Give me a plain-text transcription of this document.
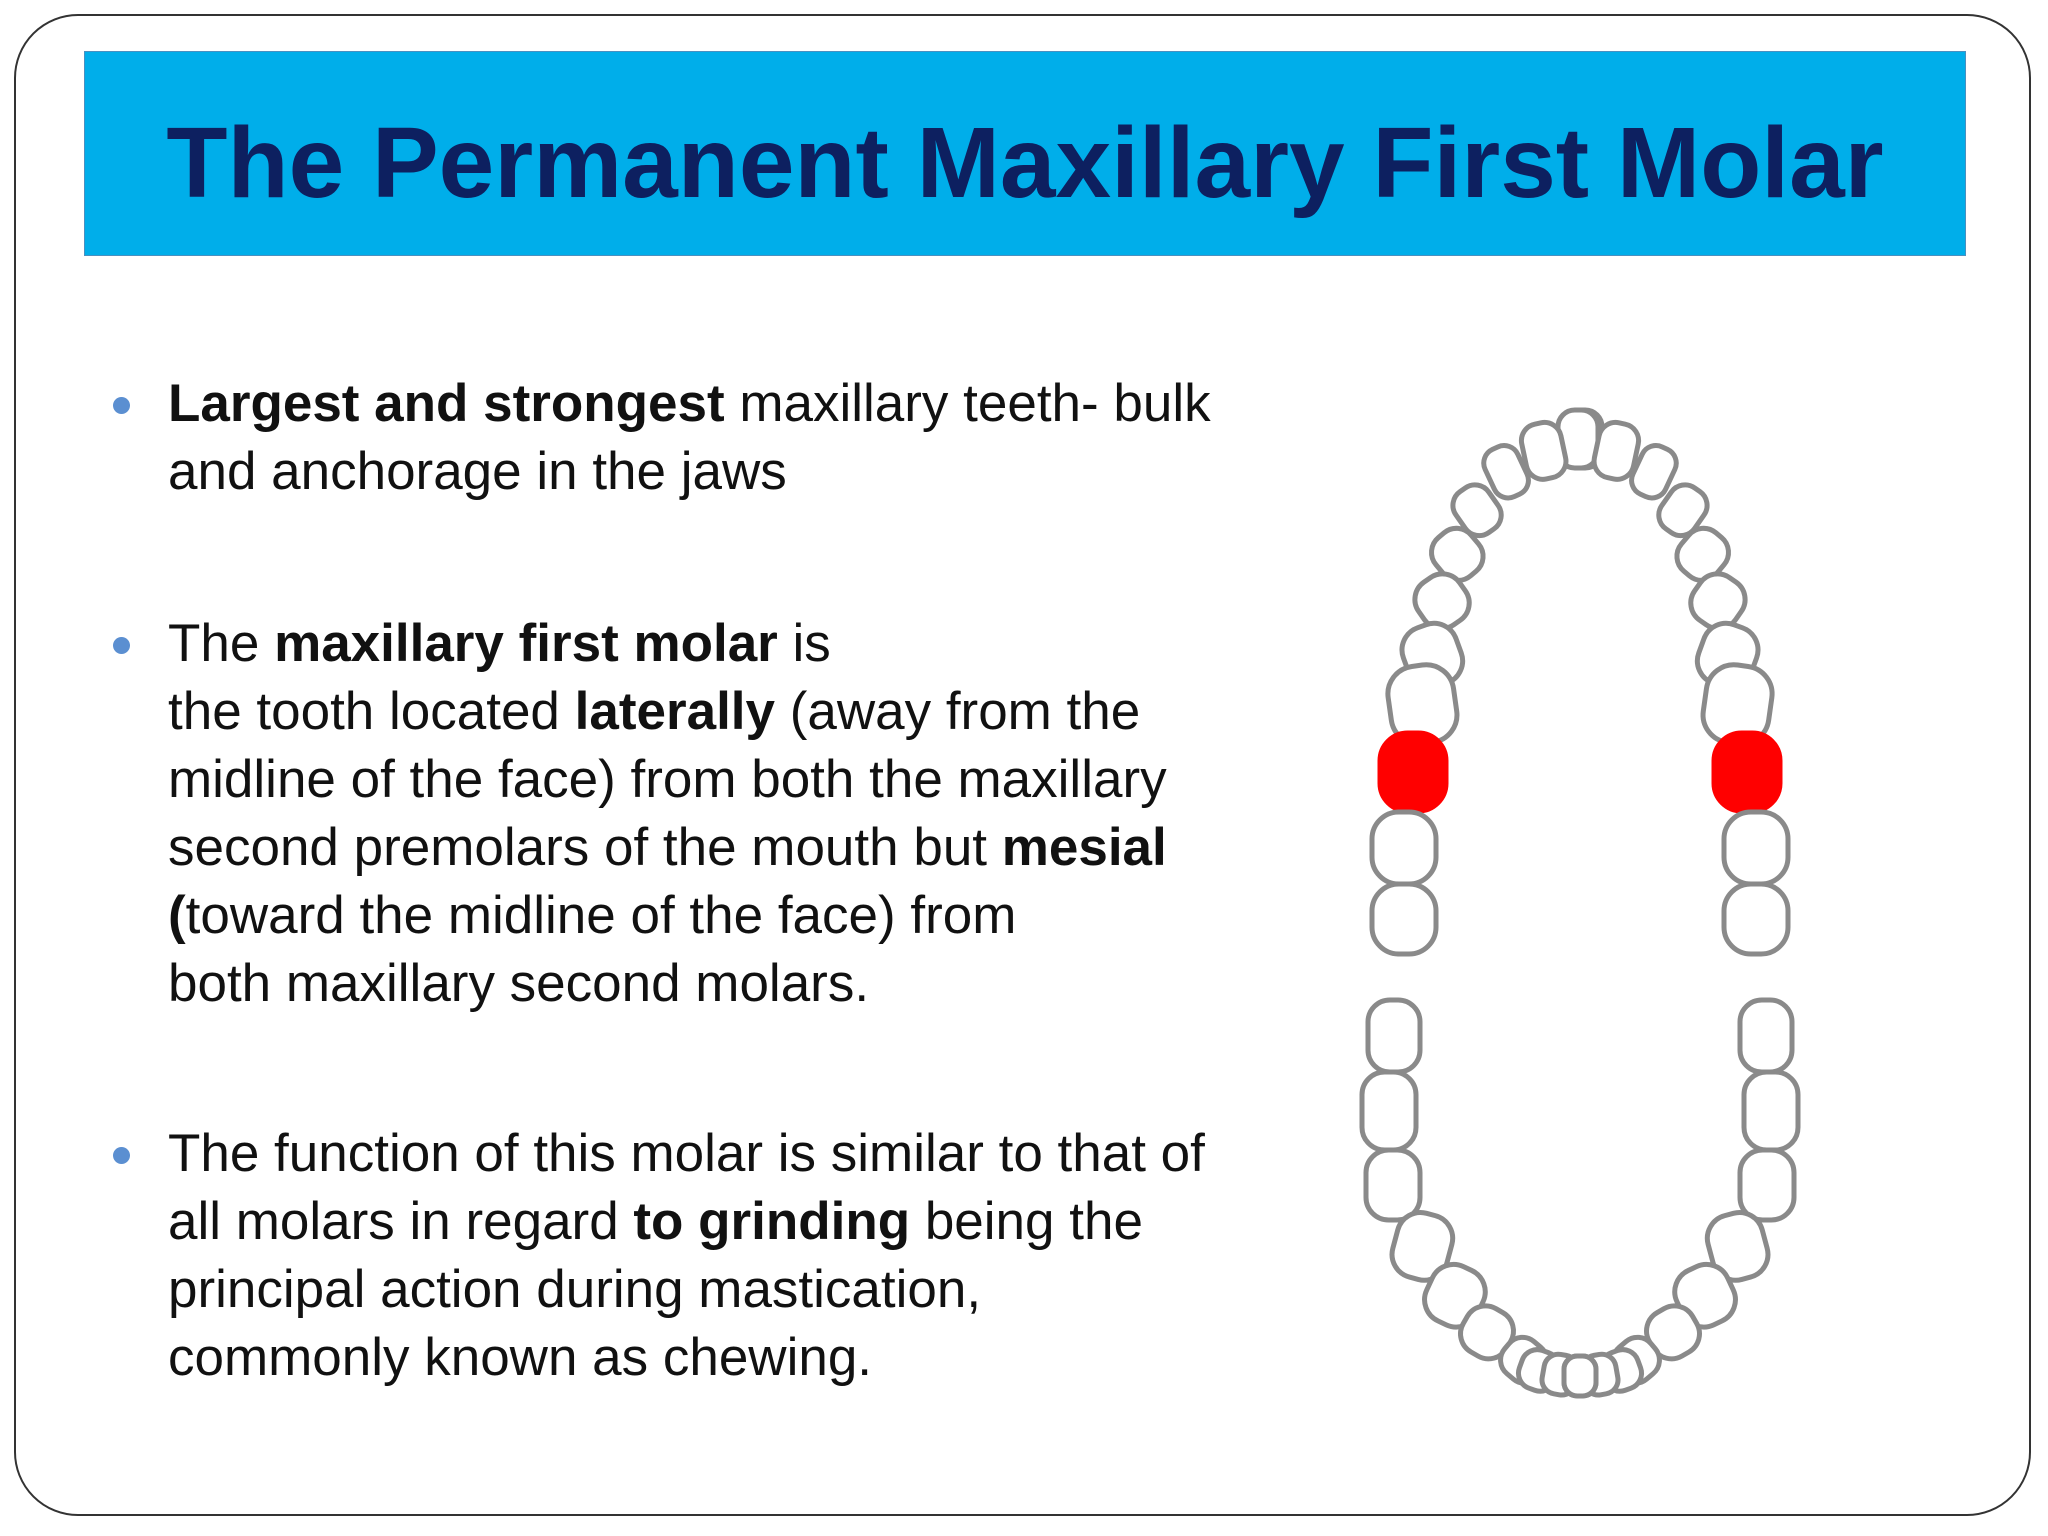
The Permanent Maxillary First Molar
Largest and strongest maxillary teeth- bulk
and anchorage in the jaws
The maxillary first molar is
the tooth located laterally (away from the
midline of the face) from both the maxillary
second premolars of the mouth but mesial
(toward the midline of the face) from
both maxillary second molars.
The function of this molar is similar to that of
all molars in regard to grinding being the
principal action during mastication,
commonly known as chewing.
